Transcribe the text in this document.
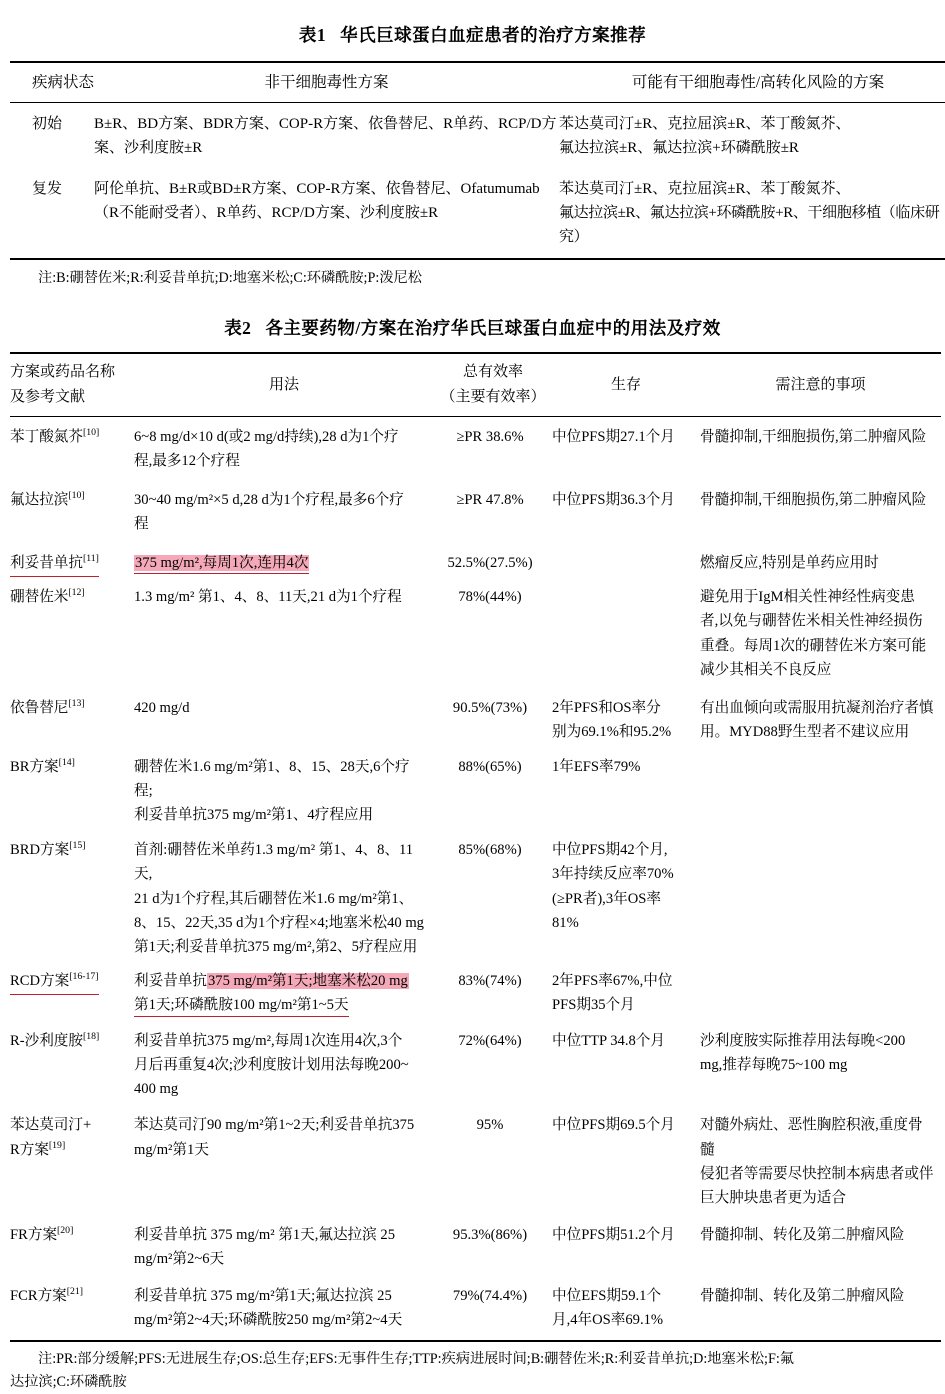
表1 华氏巨球蛋白血症患者的治疗方案推荐
疾病状态	非干细胞毒性方案	可能有干细胞毒性/高转化风险的方案
初始	B±R、BD方案、BDR方案、COP-R方案、依鲁替尼、R单药、RCP/D方
案、沙利度胺±R	苯达莫司汀±R、克拉屈滨±R、苯丁酸氮芥、
氟达拉滨±R、氟达拉滨+环磷酰胺±R

复发	阿伦单抗、B±R或BD±R方案、COP-R方案、依鲁替尼、Ofatumumab
（R不能耐受者）、R单药、RCP/D方案、沙利度胺±R	苯达莫司汀±R、克拉屈滨±R、苯丁酸氮芥、
氟达拉滨±R、氟达拉滨+环磷酰胺+R、干细胞移植（临床研究）

注:B:硼替佐米;R:利妥昔单抗;D:地塞米松;C:环磷酰胺;P:泼尼松
表2 各主要药物/方案在治疗华氏巨球蛋白血症中的用法及疗效
方案或药品名称
及参考文献	用法	总有效率
（主要有效率）	生存	需注意的事项
苯丁酸氮芥[10]	6~8 mg/d×10 d(或2 mg/d持续),28 d为1个疗
程,最多12个疗程	≥PR 38.6%	中位PFS期27.1个月	骨髓抑制,干细胞损伤,第二肿瘤风险

氟达拉滨[10]	30~40 mg/m²×5 d,28 d为1个疗程,最多6个疗
程	≥PR 47.8%	中位PFS期36.3个月	骨髓抑制,干细胞损伤,第二肿瘤风险

利妥昔单抗[11]	375 mg/m²,每周1次,连用4次	52.5%(27.5%)		燃瘤反应,特别是单药应用时

硼替佐米[12]	1.3 mg/m² 第1、4、8、11天,21 d为1个疗程	78%(44%)		避免用于IgM相关性神经性病变患
者,以免与硼替佐米相关性神经损伤
重叠。每周1次的硼替佐米方案可能
减少其相关不良反应

依鲁替尼[13]	420 mg/d	90.5%(73%)	2年PFS和OS率分
别为69.1%和95.2%	有出血倾向或需服用抗凝剂治疗者慎
用。MYD88野生型者不建议应用

BR方案[14]	硼替佐米1.6 mg/m²第1、8、15、28天,6个疗程;
利妥昔单抗375 mg/m²第1、4疗程应用	88%(65%)	1年EFS率79%	

BRD方案[15]	首剂:硼替佐米单药1.3 mg/m² 第1、4、8、11天,
21 d为1个疗程,其后硼替佐米1.6 mg/m²第1、
8、15、22天,35 d为1个疗程×4;地塞米松40 mg
第1天;利妥昔单抗375 mg/m²,第2、5疗程应用	85%(68%)	中位PFS期42个月,
3年持续反应率70%
(≥PR者),3年OS率
81%	

RCD方案[16-17]	利妥昔单抗375 mg/m²第1天;地塞米松20 mg
第1天;环磷酰胺100 mg/m²第1~5天	83%(74%)	2年PFS率67%,中位
PFS期35个月	

R-沙利度胺[18]	利妥昔单抗375 mg/m²,每周1次连用4次,3个
月后再重复4次;沙利度胺计划用法每晚200~
400 mg	72%(64%)	中位TTP 34.8个月	沙利度胺实际推荐用法每晚<200
mg,推荐每晚75~100 mg

苯达莫司汀+
R方案[19]	苯达莫司汀90 mg/m²第1~2天;利妥昔单抗375
mg/m²第1天	95%	中位PFS期69.5个月	对髓外病灶、恶性胸腔积液,重度骨髓
侵犯者等需要尽快控制本病患者或伴
巨大肿块患者更为适合

FR方案[20]	利妥昔单抗 375 mg/m² 第1天,氟达拉滨 25
mg/m²第2~6天	95.3%(86%)	中位PFS期51.2个月	骨髓抑制、转化及第二肿瘤风险

FCR方案[21]	利妥昔单抗 375 mg/m²第1天;氟达拉滨 25
mg/m²第2~4天;环磷酰胺250 mg/m²第2~4天	79%(74.4%)	中位EFS期59.1个
月,4年OS率69.1%	骨髓抑制、转化及第二肿瘤风险

注:PR:部分缓解;PFS:无进展生存;OS:总生存;EFS:无事件生存;TTP:疾病进展时间;B:硼替佐米;R:利妥昔单抗;D:地塞米松;F:氟
达拉滨;C:环磷酰胺
